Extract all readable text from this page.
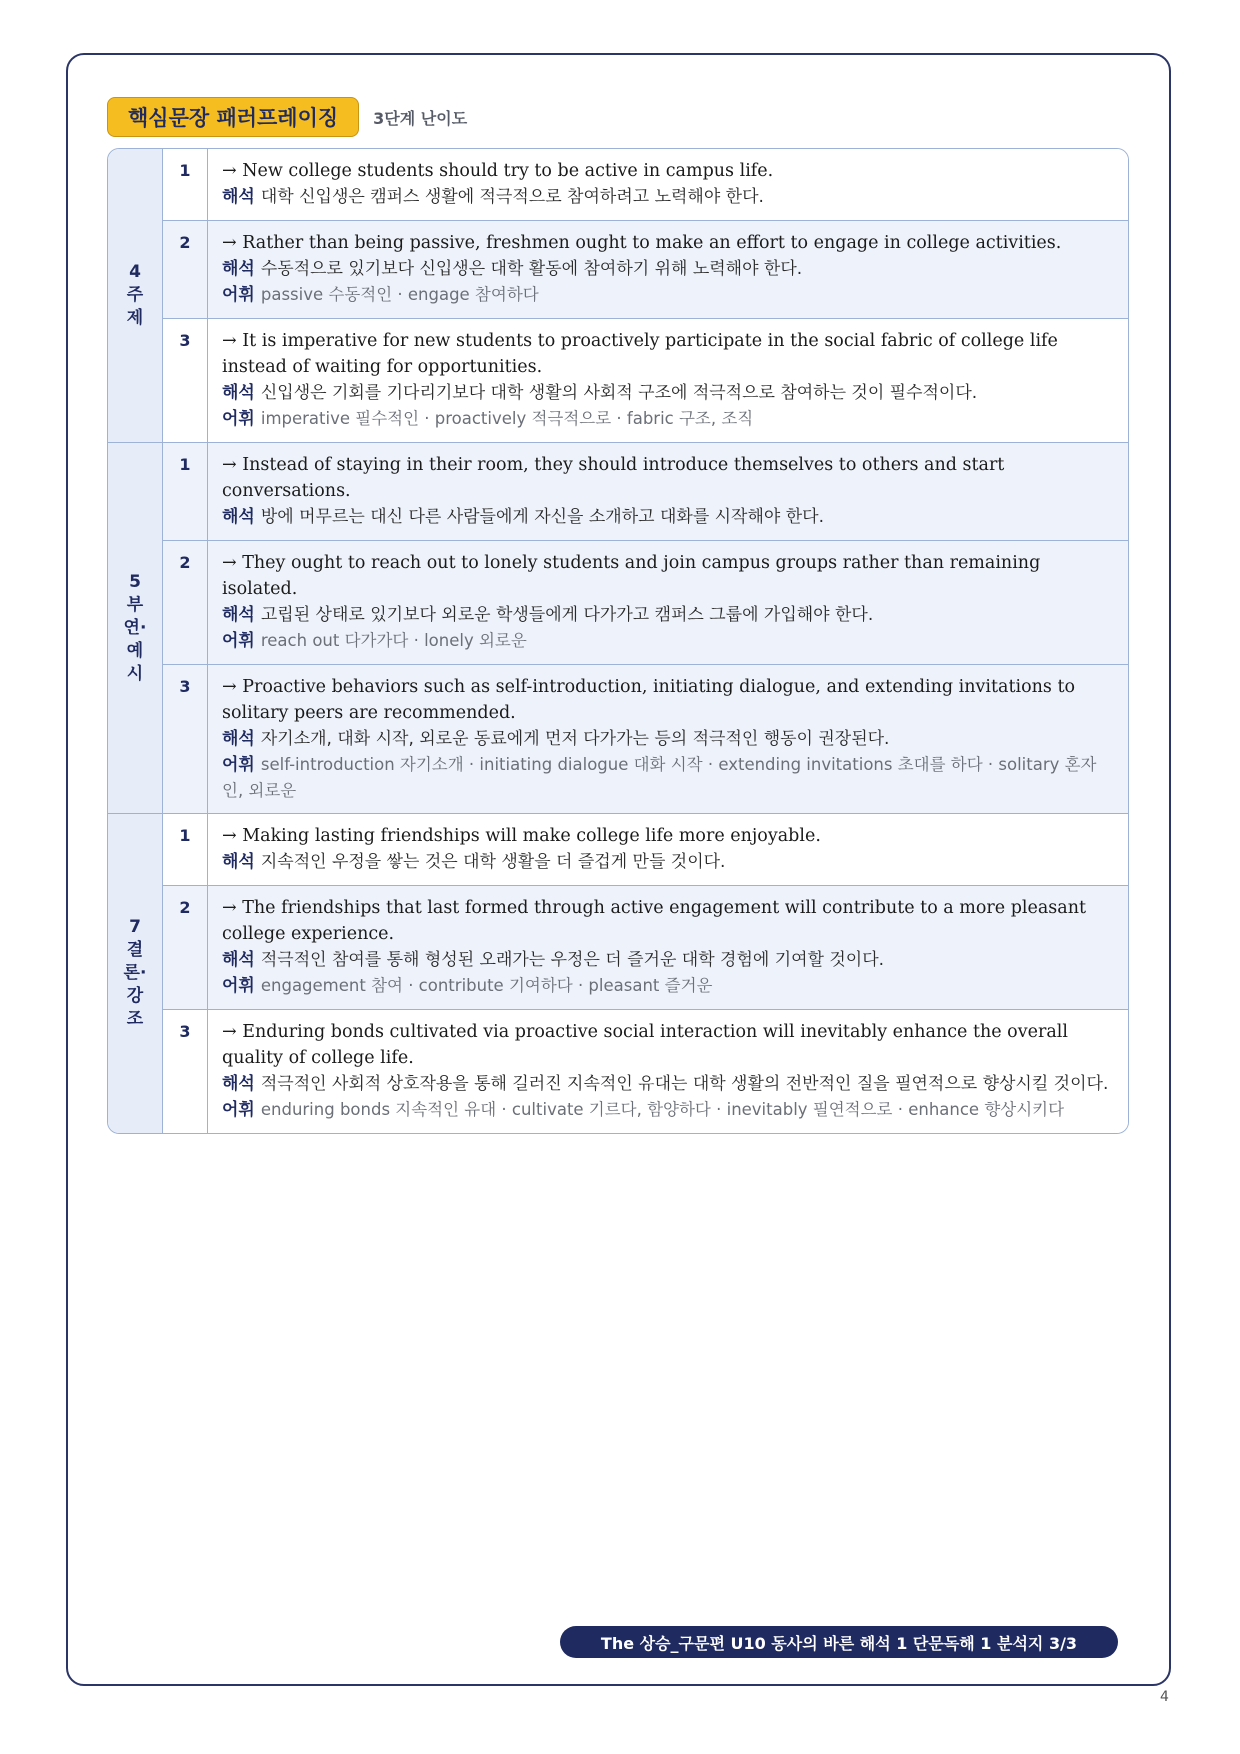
핵심문장 패러프레이징	3단계 난이도
4
주
제
1	→ New college students should try to be active in campus life.
해석 대학 신입생은 캠퍼스 생활에 적극적으로 참여하려고 노력해야 한다.
2	→ Rather than being passive, freshmen ought to make an effort to engage in college activities.
해석 수동적으로 있기보다 신입생은 대학 활동에 참여하기 위해 노력해야 한다.
어휘 passive 수동적인 · engage 참여하다
3	→ It is imperative for new students to proactively participate in the social fabric of college life instead of waiting for opportunities.
해석 신입생은 기회를 기다리기보다 대학 생활의 사회적 구조에 적극적으로 참여하는 것이 필수적이다.
어휘 imperative 필수적인 · proactively 적극적으로 · fabric 구조, 조직
5
부
연·
예
시
1	→ Instead of staying in their room, they should introduce themselves to others and start conversations.
해석 방에 머무르는 대신 다른 사람들에게 자신을 소개하고 대화를 시작해야 한다.
2	→ They ought to reach out to lonely students and join campus groups rather than remaining isolated.
해석 고립된 상태로 있기보다 외로운 학생들에게 다가가고 캠퍼스 그룹에 가입해야 한다.
어휘 reach out 다가가다 · lonely 외로운
3	→ Proactive behaviors such as self-introduction, initiating dialogue, and extending invitations to solitary peers are recommended.
해석 자기소개, 대화 시작, 외로운 동료에게 먼저 다가가는 등의 적극적인 행동이 권장된다.
어휘 self-introduction 자기소개 · initiating dialogue 대화 시작 · extending invitations 초대를 하다 · solitary 혼자인, 외로운
7
결
론·
강
조
1	→ Making lasting friendships will make college life more enjoyable.
해석 지속적인 우정을 쌓는 것은 대학 생활을 더 즐겁게 만들 것이다.
2	→ The friendships that last formed through active engagement will contribute to a more pleasant college experience.
해석 적극적인 참여를 통해 형성된 오래가는 우정은 더 즐거운 대학 경험에 기여할 것이다.
어휘 engagement 참여 · contribute 기여하다 · pleasant 즐거운
3	→ Enduring bonds cultivated via proactive social interaction will inevitably enhance the overall quality of college life.
해석 적극적인 사회적 상호작용을 통해 길러진 지속적인 유대는 대학 생활의 전반적인 질을 필연적으로 향상시킬 것이다.
어휘 enduring bonds 지속적인 유대 · cultivate 기르다, 함양하다 · inevitably 필연적으로 · enhance 향상시키다
The 상승_구문편 U10 동사의 바른 해석 1 단문독해 1 분석지 3/3
4
